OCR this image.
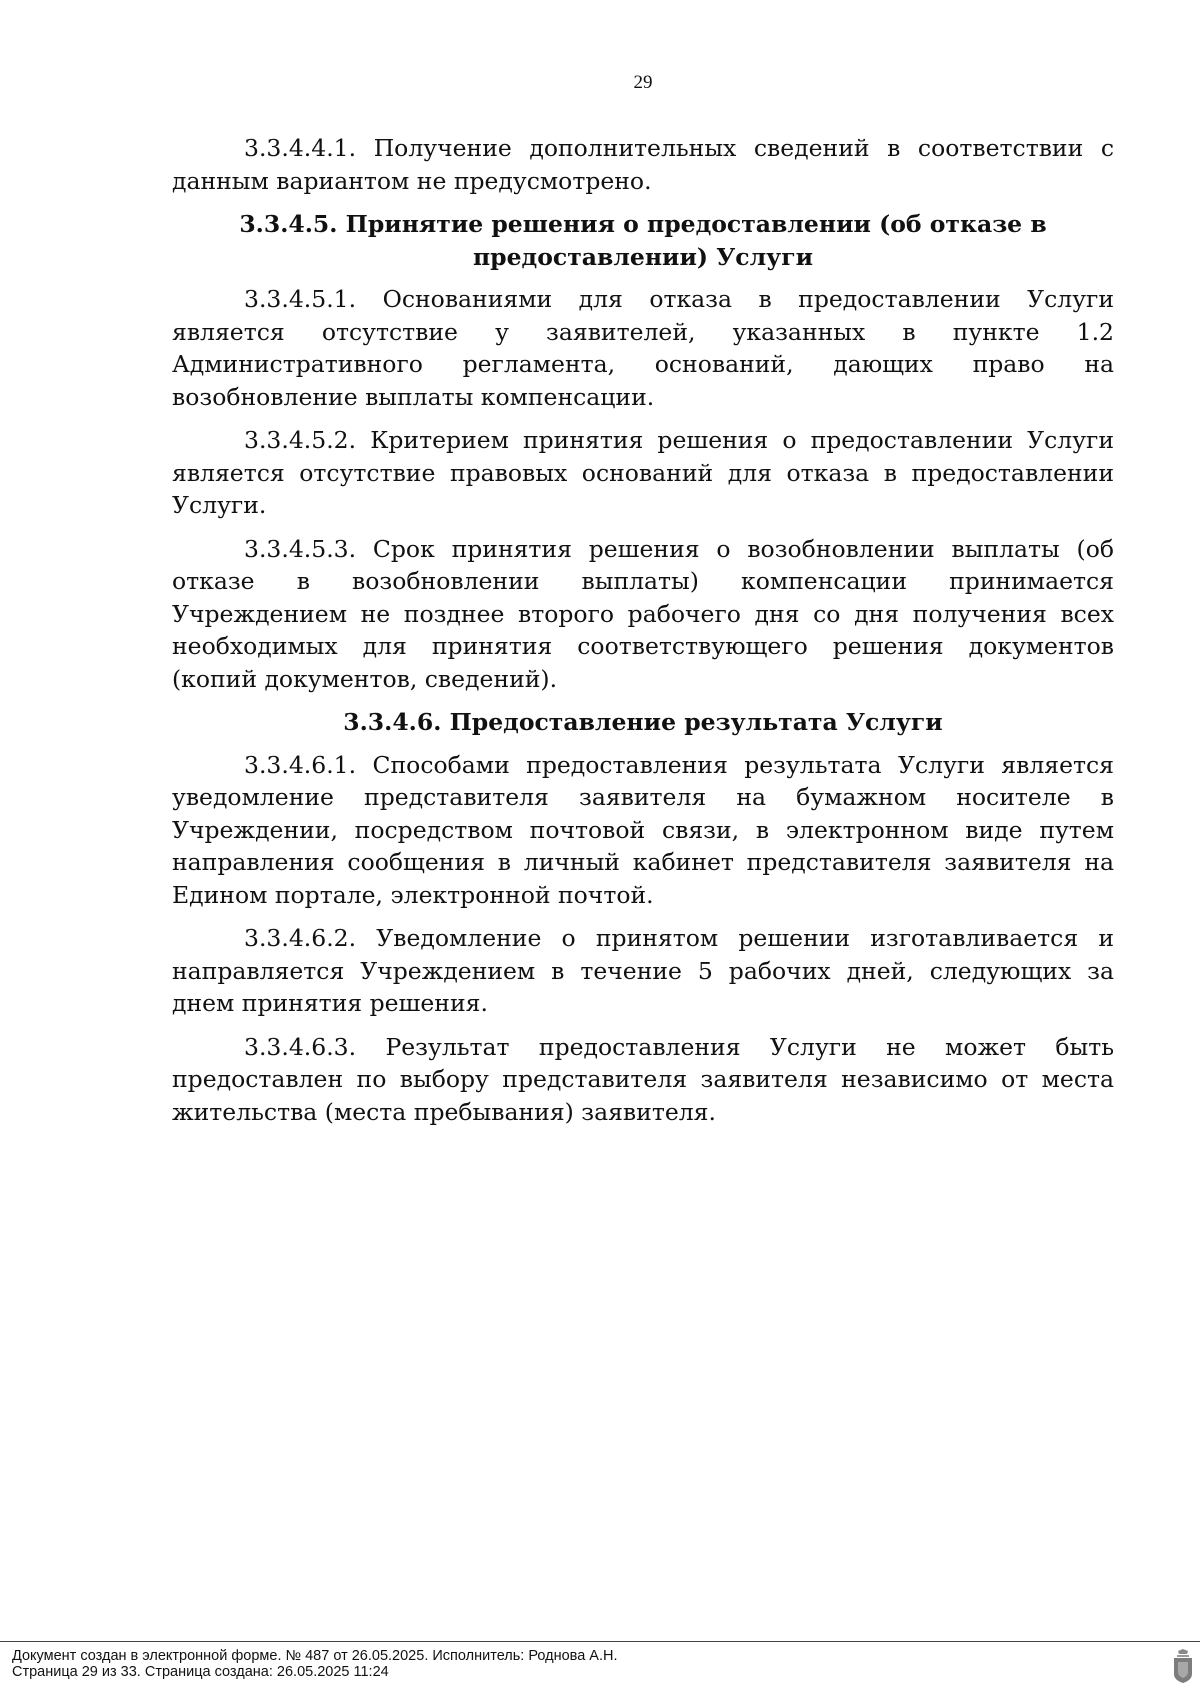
29

3.3.4.4.1. Получение дополнительных сведений в соответствии с данным вариантом не предусмотрено.

3.3.4.5. Принятие решения о предоставлении (об отказе в предоставлении) Услуги

3.3.4.5.1. Основаниями для отказа в предоставлении Услуги является отсутствие у заявителей, указанных в пункте 1.2 Административного регламента, оснований, дающих право на возобновление выплаты компенсации.

3.3.4.5.2. Критерием принятия решения о предоставлении Услуги является отсутствие правовых оснований для отказа в предоставлении Услуги.

3.3.4.5.3. Срок принятия решения о возобновлении выплаты (об отказе в возобновлении выплаты) компенсации принимается Учреждением не позднее второго рабочего дня со дня получения всех необходимых для принятия соответствующего решения документов (копий документов, сведений).

3.3.4.6. Предоставление результата Услуги

3.3.4.6.1. Способами предоставления результата Услуги является уведомление представителя заявителя на бумажном носителе в Учреждении, посредством почтовой связи, в электронном виде путем направления сообщения в личный кабинет представителя заявителя на Едином портале, электронной почтой.

3.3.4.6.2. Уведомление о принятом решении изготавливается и направляется Учреждением в течение 5 рабочих дней, следующих за днем принятия решения.

3.3.4.6.3. Результат предоставления Услуги не может быть предоставлен по выбору представителя заявителя независимо от места жительства (места пребывания) заявителя.

Документ создан в электронной форме. № 487 от 26.05.2025. Исполнитель: Роднова А.Н.
Страница 29 из 33. Страница создана: 26.05.2025 11:24
